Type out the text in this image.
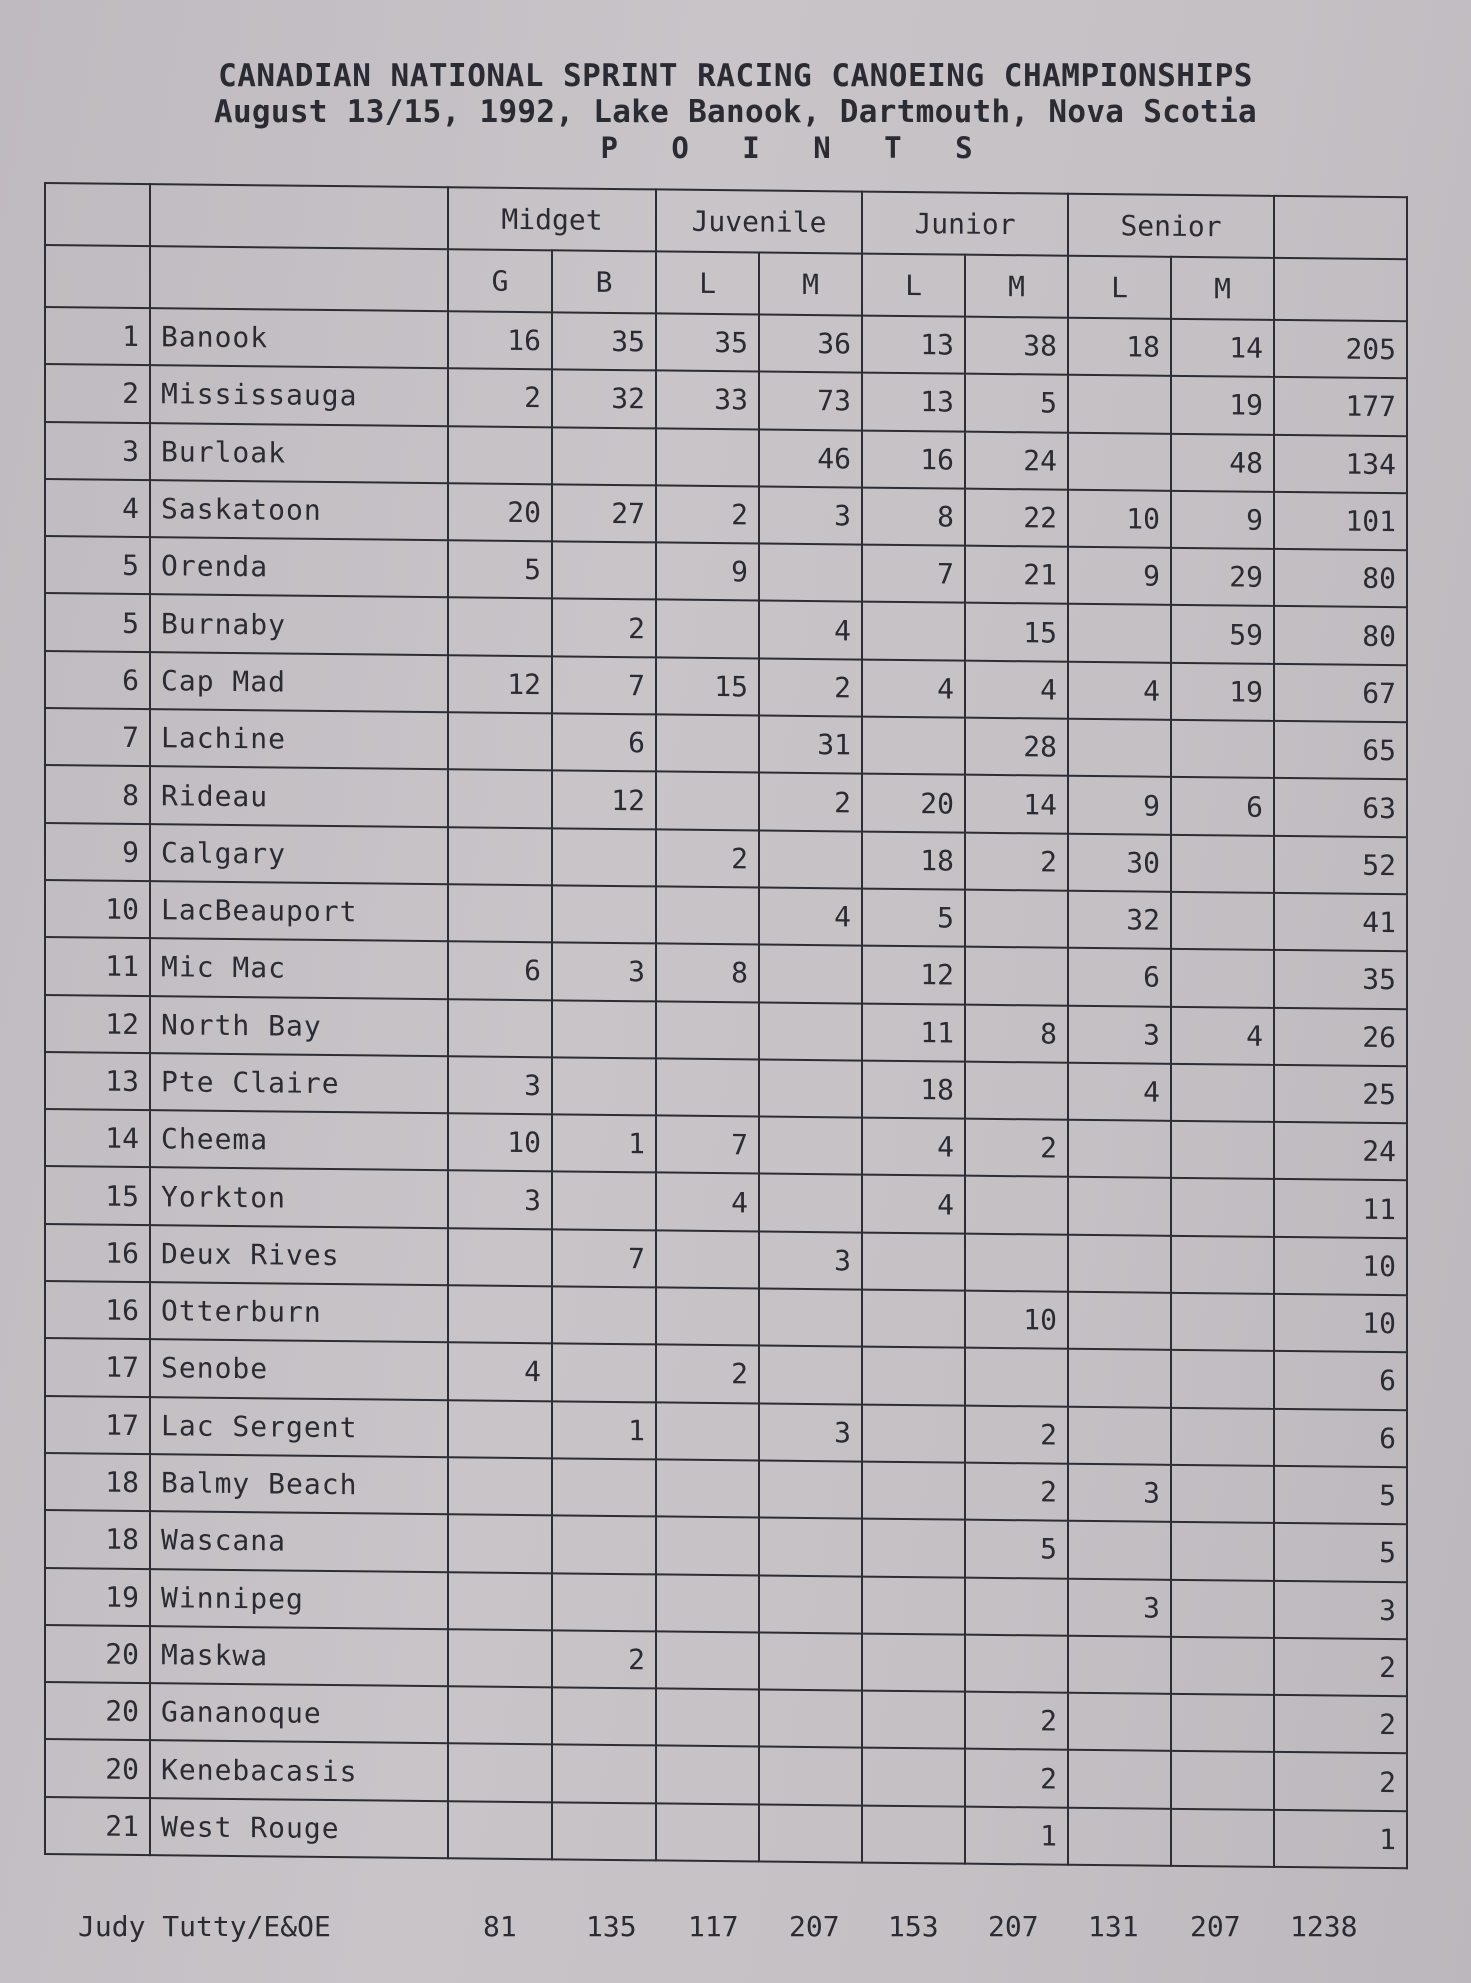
CANADIAN NATIONAL SPRINT RACING CANOEING CHAMPIONSHIPS
August 13/15, 1992, Lake Banook, Dartmouth, Nova Scotia
P O I N T S
		Midget		Juvenile		Junior		Senior		
		G	B	L	M	L	M	L	M	
1	Banook	16	35	35	36	13	38	18	14	205
2	Mississauga	2	32	33	73	13	5		19	177
3	Burloak				46	16	24		48	134
4	Saskatoon	20	27	2	3	8	22	10	9	101
5	Orenda	5		9		7	21	9	29	80
5	Burnaby		2		4		15		59	80
6	Cap Mad	12	7	15	2	4	4	4	19	67
7	Lachine		6		31		28			65
8	Rideau		12		2	20	14	9	6	63
9	Calgary			2		18	2	30		52
10	LacBeauport				4	5		32		41
11	Mic Mac	6	3	8		12		6		35
12	North Bay					11	8	3	4	26
13	Pte Claire	3				18		4		25
14	Cheema	10	1	7		4	2			24
15	Yorkton	3		4		4				11
16	Deux Rives		7		3					10
16	Otterburn						10			10
17	Senobe	4		2						6
17	Lac Sergent		1		3		2			6
18	Balmy Beach						2	3		5
18	Wascana						5			5
19	Winnipeg							3		3
20	Maskwa		2							2
20	Gananoque						2			2
20	Kenebacasis						2			2
21	West Rouge						1			1
Judy Tutty/E&OE	81 135 117 207 153 207 131 207 1238
